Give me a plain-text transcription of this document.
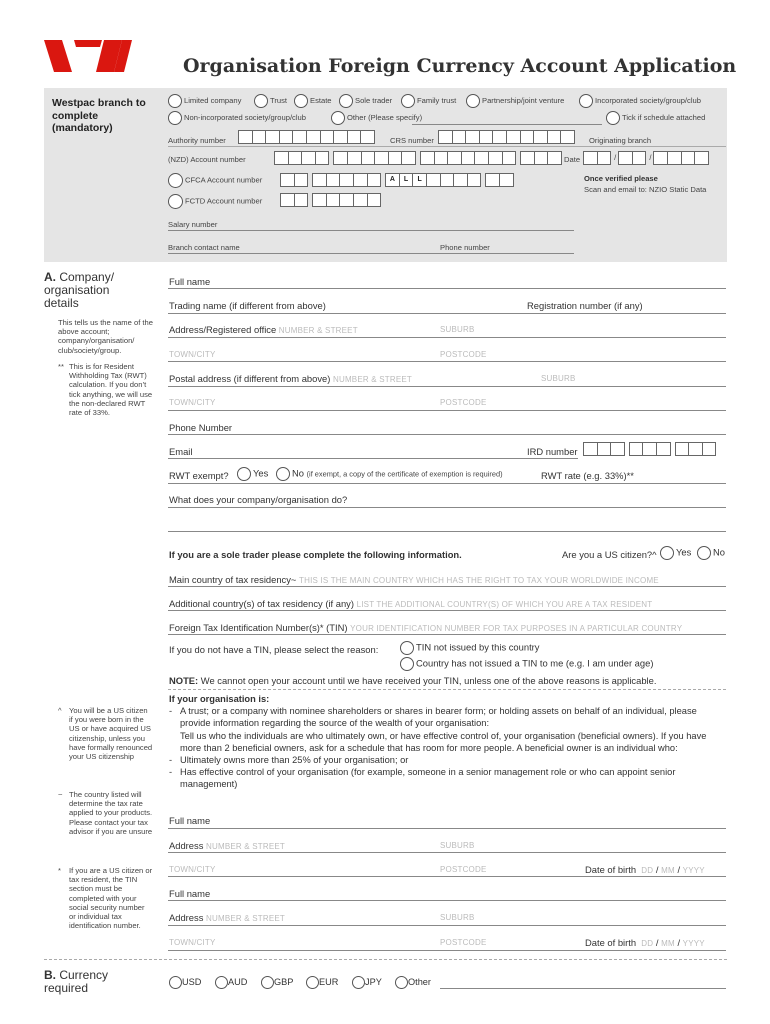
Organisation Foreign Currency Account Application
Westpac branch to complete
(mandatory)
Limited company	Trust	Estate	Sole trader	Family trust	Partnership/joint venture	Incorporated society/group/club
Non-incorporated society/group/club	Other (Please specify)	Tick if schedule attached
Authority number	CRS number	Originating branch
(NZD) Account number	Date	/	/
CFCA Account number	A	L	L	Once verified please
Scan and email to: NZIO Static Data
FCTD Account number
Salary number
Branch contact name	Phone number
A. Company/ organisation details
This tells us the name of the above account; company/organisation/ club/society/group.
** This is for Resident Withholding Tax (RWT) calculation. If you don’t tick anything, we will use the non-declared RWT rate of 33%.
^ You will be a US citizen if you were born in the US or have acquired US citizenship, unless you have formally renounced your US citizenship
~ The country listed will determine the tax rate applied to your products. Please contact your tax advisor if you are unsure
*	If you are a US citizen or tax resident, the TIN section must be completed with your social security number or individual tax identification number.
Full name
Trading name (if different from above)	Registration number (if any)
Address/Registered office NUMBER & STREET	SUBURB
TOWN/CITY	POSTCODE
Postal address (if different from above) NUMBER & STREET	SUBURB
TOWN/CITY	POSTCODE
Phone Number
Email	IRD number
RWT exempt?	Yes	No (if exempt, a copy of the certificate of exemption is required)	RWT rate (e.g. 33%)**
What does your company/organisation do?
If you are a sole trader please complete the following information.	Are you a US citizen?^	Yes	No
Main country of tax residency~ THIS IS THE MAIN COUNTRY WHICH HAS THE RIGHT TO TAX YOUR WORLDWIDE INCOME
Additional country(s) of tax residency (if any) LIST THE ADDITIONAL COUNTRY(S) OF WHICH YOU ARE A TAX RESIDENT
Foreign Tax Identification Number(s)* (TIN) YOUR IDENTIFICATION NUMBER FOR TAX PURPOSES IN A PARTICULAR COUNTRY
If you do not have a TIN, please select the reason:	TIN not issued by this country
Country has not issued a TIN to me (e.g. I am under age)
NOTE: We cannot open your account until we have received your TIN, unless one of the above reasons is applicable.
If your organisation is:
- A trust; or a company with nominee shareholders or shares in bearer form; or holding assets on behalf of an individual, please provide information regarding the source of the wealth of your organisation:
Tell us who the individuals are who ultimately own, or have effective control of, your organisation (beneficial owners). If you have more than 2 beneficial owners, ask for a schedule that has room for more people. A beneficial owner is an individual who:
- Ultimately owns more than 25% of your organisation; or
- Has effective control of your organisation (for example, someone in a senior management role or who can appoint senior management)
Full name
Address NUMBER & STREET	SUBURB
TOWN/CITY	POSTCODE	Date of birth DD / MM / YYYY
Full name
Address NUMBER & STREET	SUBURB
TOWN/CITY	POSTCODE	Date of birth DD / MM / YYYY
B. Currency required	USD	AUD	GBP	EUR	JPY	Other
